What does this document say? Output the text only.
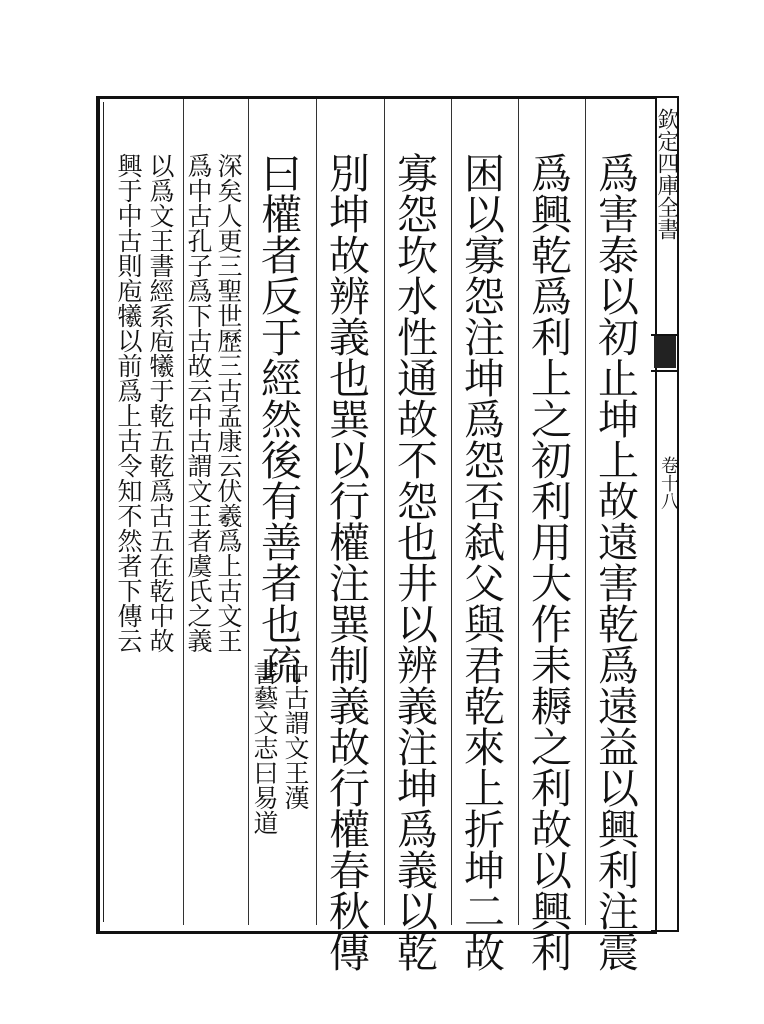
欽定四庫全書
卷十八
爲害泰以初止坤上故遠害乾爲遠益以興利注震
爲興乾爲利上之初利用大作耒耨之利故以興利
困以寡怨注坤爲怨否弑父與君乾來上折坤二故
寡怨坎水性通故不怨也井以辨義注坤爲義以乾
別坤故辨義也巽以行權注巽制義故行權春秋傳
曰權者反于經然後有善者也疏
中古謂文王漢
書藝文志曰易道
深矣人更三聖世歷三古孟康云伏羲爲上古文王
爲中古孔子爲下古故云中古謂文王者虞氏之義
以爲文王書經系庖犧于乾五乾爲古五在乾中故
興于中古則庖犧以前爲上古令知不然者下傳云
